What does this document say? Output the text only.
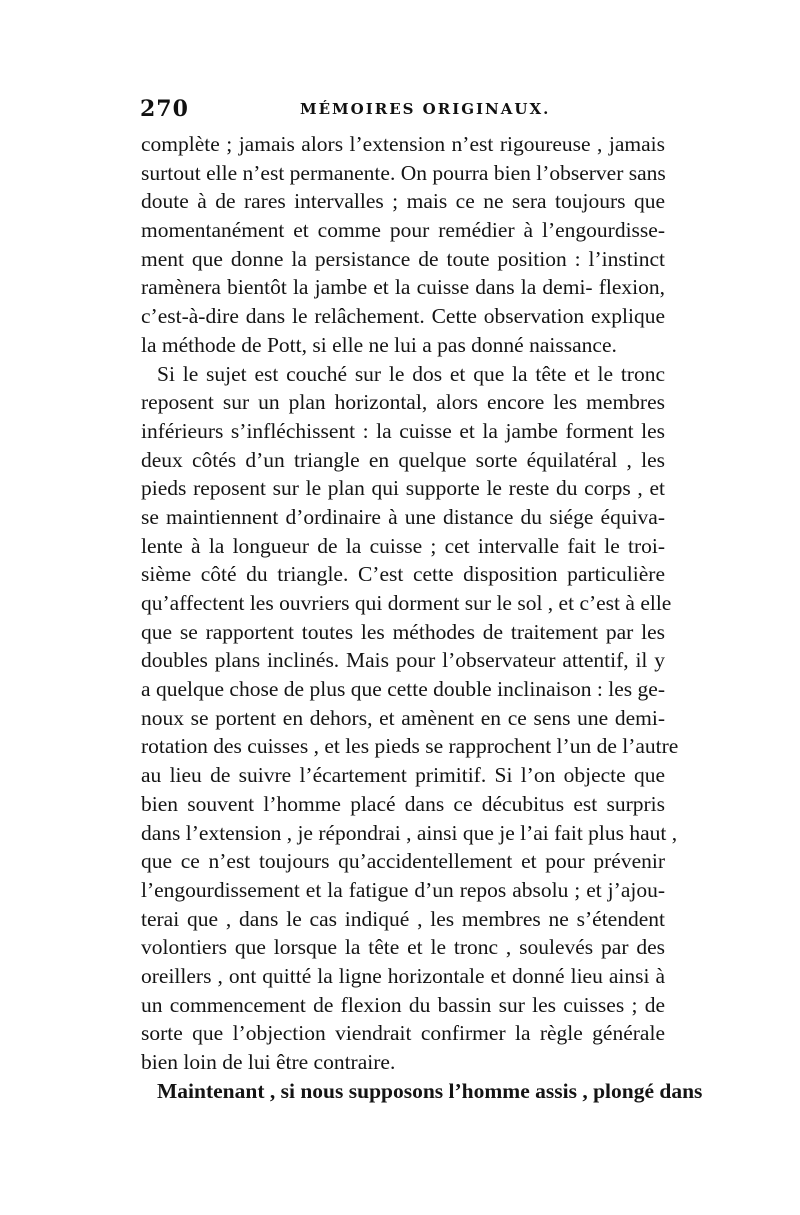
270	MÉMOIRES ORIGINAUX.
complète ; jamais alors l’extension n’est rigoureuse , jamais
surtout elle n’est permanente. On pourra bien l’observer sans
doute à de rares intervalles ; mais ce ne sera toujours que
momentanément et comme pour remédier à l’engourdisse-
ment que donne la persistance de toute position : l’instinct
ramènera bientôt la jambe et la cuisse dans la demi- flexion,
c’est-à-dire dans le relâchement. Cette observation explique
la méthode de Pott, si elle ne lui a pas donné naissance.
Si le sujet est couché sur le dos et que la tête et le tronc
reposent sur un plan horizontal, alors encore les membres
inférieurs s’infléchissent : la cuisse et la jambe forment les
deux côtés d’un triangle en quelque sorte équilatéral , les
pieds reposent sur le plan qui supporte le reste du corps , et
se maintiennent d’ordinaire à une distance du siége équiva-
lente à la longueur de la cuisse ; cet intervalle fait le troi-
sième côté du triangle. C’est cette disposition particulière
qu’affectent les ouvriers qui dorment sur le sol , et c’est à elle
que se rapportent toutes les méthodes de traitement par les
doubles plans inclinés. Mais pour l’observateur attentif, il y
a quelque chose de plus que cette double inclinaison : les ge-
noux se portent en dehors, et amènent en ce sens une demi-
rotation des cuisses , et les pieds se rapprochent l’un de l’autre
au lieu de suivre l’écartement primitif. Si l’on objecte que
bien souvent l’homme placé dans ce décubitus est surpris
dans l’extension , je répondrai , ainsi que je l’ai fait plus haut ,
que ce n’est toujours qu’accidentellement et pour prévenir
l’engourdissement et la fatigue d’un repos absolu ; et j’ajou-
terai que , dans le cas indiqué , les membres ne s’étendent
volontiers que lorsque la tête et le tronc , soulevés par des
oreillers , ont quitté la ligne horizontale et donné lieu ainsi à
un commencement de flexion du bassin sur les cuisses ; de
sorte que l’objection viendrait confirmer la règle générale
bien loin de lui être contraire.
Maintenant , si nous supposons l’homme assis , plongé dans
